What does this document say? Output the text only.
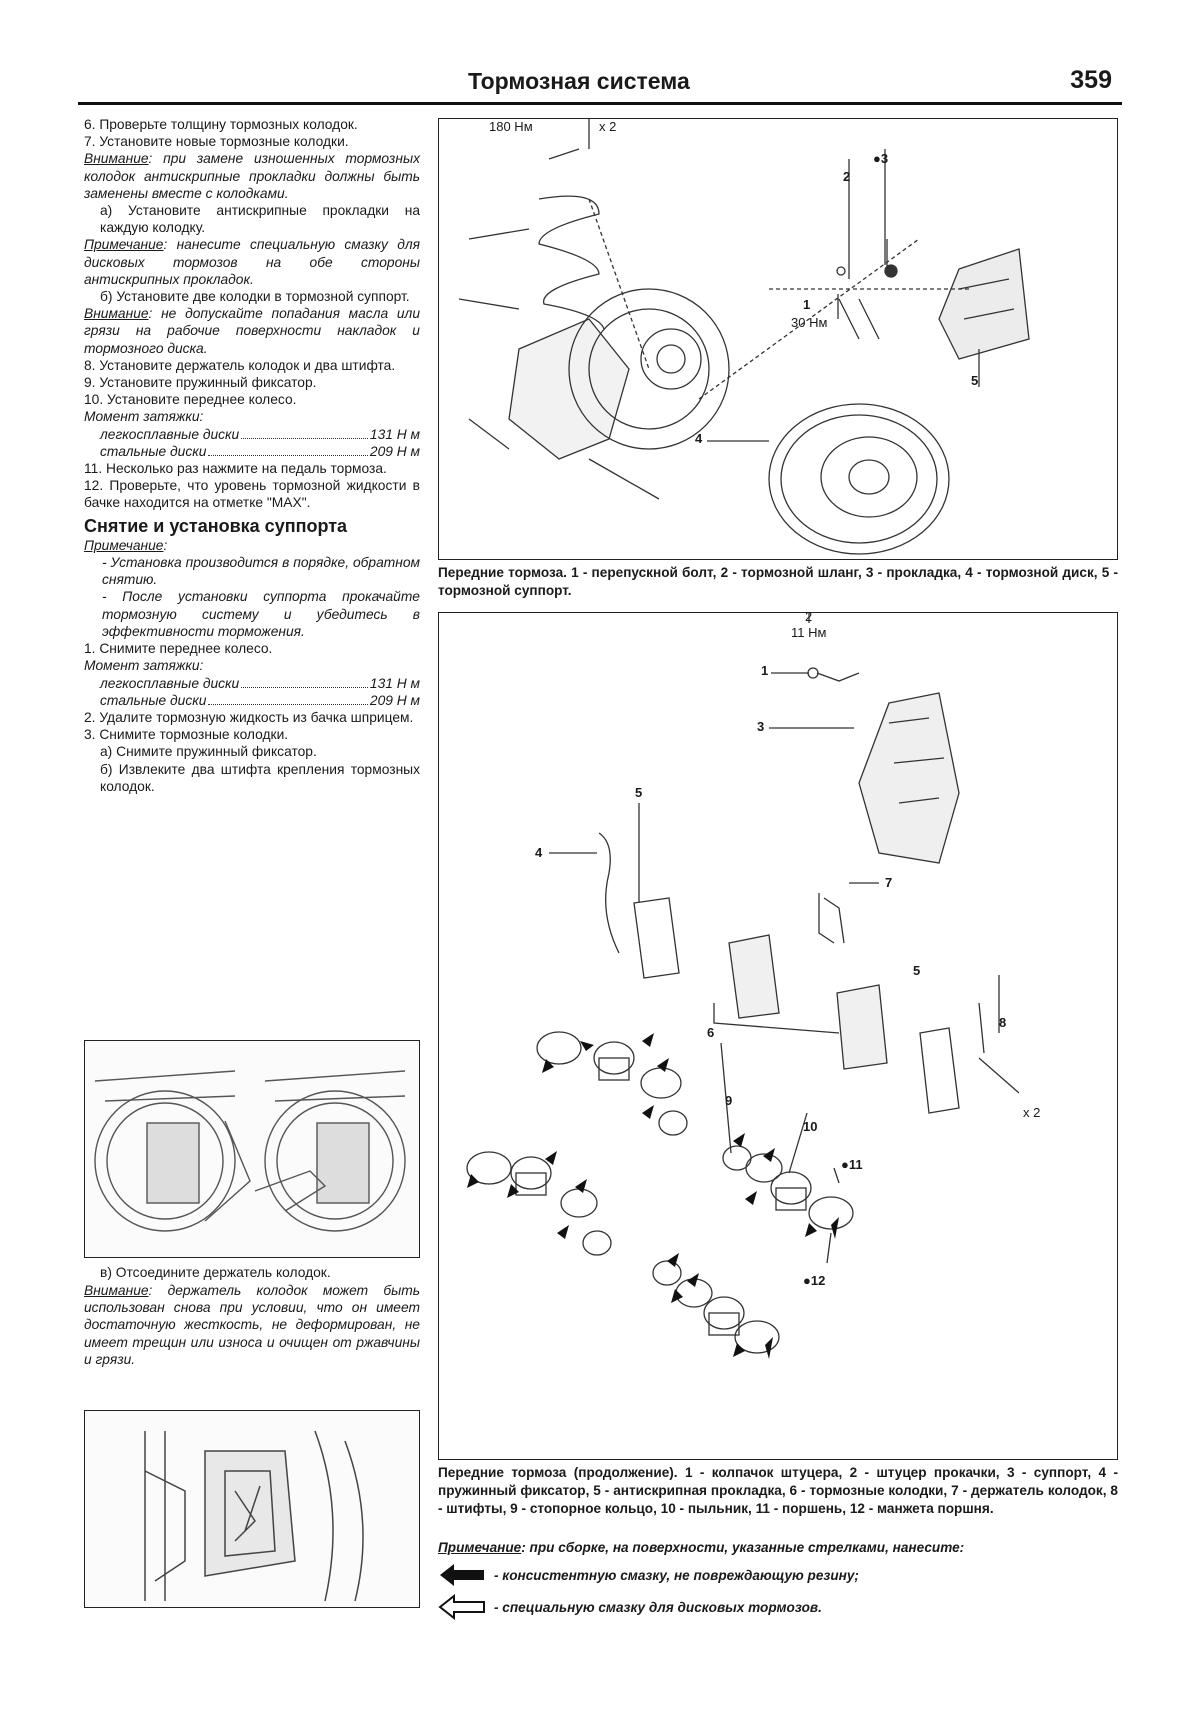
Тормозная система	359

6. Проверьте толщину тормозных колодок.

7. Установите новые тормозные колодки.

Внимание: при замене изношенных тормозных колодок антискрипные прокладки должны быть заменены вместе с колодками.

а) Установите антискрипные прокладки на каждую колодку.

Примечание: нанесите специальную смазку для дисковых тормозов на обе стороны антискрипных прокладок.

б) Установите две колодки в тормозной суппорт.

Внимание: не допускайте попадания масла или грязи на рабочие поверхности накладок и тормозного диска.

8. Установите держатель колодок и два штифта.

9. Установите пружинный фиксатор.

10. Установите переднее колесо.

Момент затяжки:

легкосплавные диски	131 Н м
стальные диски	209 Н м

11. Несколько раз нажмите на педаль тормоза.

12. Проверьте, что уровень тормозной жидкости в бачке находится на отметке "MAX".

Снятие и установка суппорта

Примечание:

- Установка производится в порядке, обратном снятию.

- После установки суппорта прокачайте тормозную систему и убедитесь в эффективности торможения.

1. Снимите переднее колесо.

Момент затяжки:

легкосплавные диски	131 Н м
стальные диски	209 Н м

2. Удалите тормозную жидкость из бачка шприцем.

3. Снимите тормозные колодки.

а) Снимите пружинный фиксатор.

б) Извлеките два штифта крепления тормозных колодок.

в) Отсоедините держатель колодок.

Внимание: держатель колодок может быть использован снова при условии, что он имеет достаточную жесткость, не деформирован, не имеет трещин или износа и очищен от ржавчины и грязи.
180 Нм	x 2
●3
2
1
30 Нм
5
4
Передние тормоза. 1 - перепускной болт, 2 - тормозной шланг, 3 - прокладка, 4 - тормозной диск, 5 - тормозной суппорт.
2
11 Нм
1
3
5
4
7
5
6
8
x 2
9
10
●11
●12
Передние тормоза (продолжение). 1 - колпачок штуцера, 2 - штуцер прокачки, 3 - суппорт, 4 - пружинный фиксатор, 5 - антискрипная прокладка, 6 - тормозные колодки, 7 - держатель колодок, 8 - штифты, 9 - стопорное кольцо, 10 - пыльник, 11 - поршень, 12 - манжета поршня.
Примечание: при сборке, на поверхности, указанные стрелками, нанесите:
- консистентную смазку, не повреждающую резину;
- специальную смазку для дисковых тормозов.
